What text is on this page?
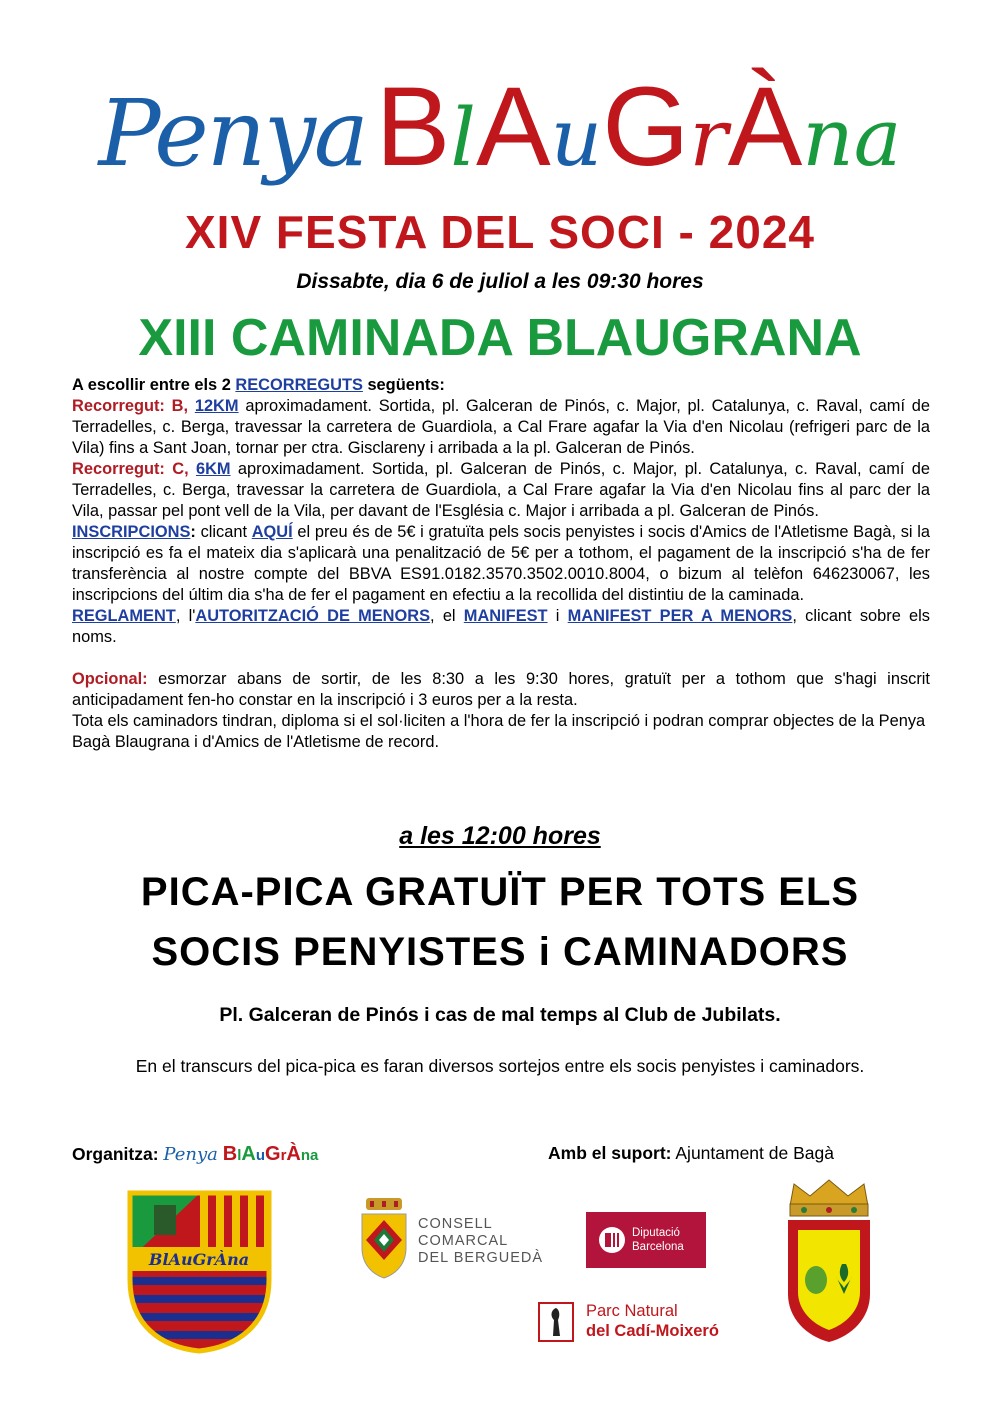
Penya  BlAuGrÀna
XIV FESTA DEL SOCI - 2024
Dissabte, dia 6 de juliol a les 09:30 hores
XIII CAMINADA BLAUGRANA

A escollir entre els 2 RECORREGUTS següents:

Recorregut: B, 12KM aproximadament. Sortida, pl. Galceran de Pinós, c. Major, pl. Catalunya, c. Raval, camí de Terradelles, c. Berga, travessar la carretera de Guardiola, a Cal Frare agafar la Via d'en Nicolau (refrigeri parc de la Vila) fins a Sant Joan, tornar per ctra. Gisclareny i arribada a la pl. Galceran de Pinós.

Recorregut: C, 6KM aproximadament. Sortida, pl. Galceran de Pinós, c. Major, pl. Catalunya, c. Raval, camí de Terradelles, c. Berga, travessar la carretera de Guardiola, a Cal Frare agafar la Via d'en Nicolau fins al parc der la Vila, passar pel pont vell de la Vila, per davant de l'Església c. Major i arribada a pl. Galceran de Pinós.

INSCRIPCIONS: clicant AQUÍ el preu és de 5€ i gratuïta pels socis penyistes i socis d'Amics de l'Atletisme Bagà, si la inscripció es fa el mateix dia s'aplicarà una penalització de 5€ per a tothom, el pagament de la inscripció s'ha de fer transferència al nostre compte del BBVA ES91.0182.3570.3502.0010.8004, o bizum al telèfon 646230067, les inscripcions del últim dia s'ha de fer el pagament en efectiu a la recollida del distintiu de la caminada.

REGLAMENT, l'AUTORITZACIÓ DE MENORS, el MANIFEST i MANIFEST PER A MENORS, clicant sobre els noms.

Opcional: esmorzar abans de sortir, de les 8:30 a les 9:30 hores, gratuït per a tothom que s'hagi inscrit anticipadament fen-ho constar en la inscripció i 3 euros per a la resta.

Tota els caminadors tindran, diploma si el sol·liciten a l'hora de fer la inscripció i podran comprar objectes de la Penya Bagà Blaugrana i d'Amics de l'Atletisme de record.

a les 12:00 hores
PICA-PICA GRATUÏT PER TOTS ELS
SOCIS PENYISTES i CAMINADORS
Pl. Galceran de Pinós i cas de mal temps al Club de Jubilats.
En el transcurs del pica-pica es faran diversos sortejos entre els socis penyistes i caminadors.
Organitza: Penya BlAuGrÀna	Amb el suport: Ajuntament de Bagà
BlAuGrÀna
CONSELL
COMARCAL
DEL BERGUEDÀ
Diputació
Barcelona
Parc Natural
del Cadí-Moixeró
